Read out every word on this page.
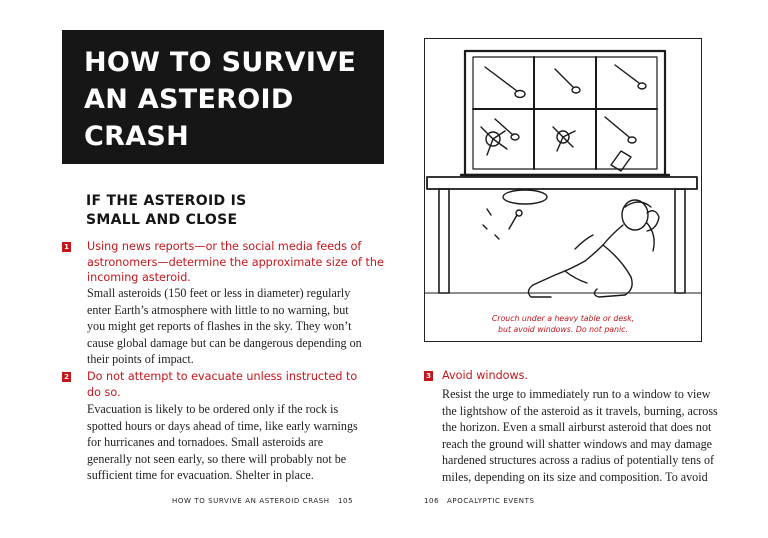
HOW TO SURVIVE
AN ASTEROID
CRASH
IF THE ASTEROID IS
SMALL AND CLOSE
1 Using news reports—or the social media feeds of
astronomers—determine the approximate size of the
incoming asteroid.
Small asteroids (150 feet or less in diameter) regularly
enter Earth’s atmosphere with little to no warning, but
you might get reports of flashes in the sky. They won’t
cause global damage but can be dangerous depending on
their points of impact.
2 Do not attempt to evacuate unless instructed to
do so.
Evacuation is likely to be ordered only if the rock is
spotted hours or days ahead of time, like early warnings
for hurricanes and tornadoes. Small asteroids are
generally not seen early, so there will probably not be
sufficient time for evacuation. Shelter in place.
HOW TO SURVIVE AN ASTEROID CRASH 105
Crouch under a heavy table or desk,
but avoid windows. Do not panic.
3 Avoid windows.
Resist the urge to immediately run to a window to view
the lightshow of the asteroid as it travels, burning, across
the horizon. Even a small airburst asteroid that does not
reach the ground will shatter windows and may damage
hardened structures across a radius of potentially tens of
miles, depending on its size and composition. To avoid
106 APOCALYPTIC EVENTS
